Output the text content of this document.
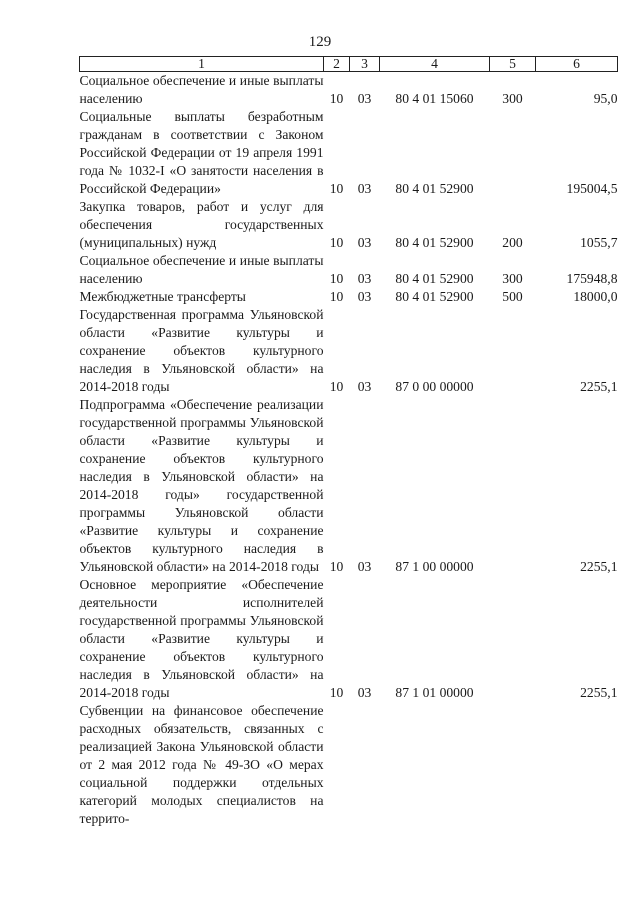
129
1	2	3	4	5	6
Социальное обеспечение и иные выплаты населению	10	03	80 4 01 15060	300	95,0
Социальные выплаты безработным гражданам в соответствии с Законом Российской Федерации от 19 апреля 1991 года № 1032-I «О занятости населения в Российской Федерации»	10	03	80 4 01 52900		195004,5
Закупка товаров, работ и услуг для обеспечения государственных (муниципальных) нужд	10	03	80 4 01 52900	200	1055,7
Социальное обеспечение и иные выплаты населению	10	03	80 4 01 52900	300	175948,8
Межбюджетные трансферты	10	03	80 4 01 52900	500	18000,0
Государственная программа Ульяновской области «Развитие культуры и сохранение объектов культурного наследия в Ульяновской области» на 2014-2018 годы	10	03	87 0 00 00000		2255,1
Подпрограмма «Обеспечение реализации государственной программы Ульяновской области «Развитие культуры и сохранение объектов культурного наследия в Ульяновской области» на 2014-2018 годы» государственной программы Ульяновской области «Развитие культуры и сохранение объектов культурного наследия в Ульяновской области» на 2014-2018 годы	10	03	87 1 00 00000		2255,1
Основное мероприятие «Обеспечение деятельности исполнителей государственной программы Ульяновской области «Развитие культуры и сохранение объектов культурного наследия в Ульяновской области» на 2014-2018 годы	10	03	87 1 01 00000		2255,1
Субвенции на финансовое обеспечение расходных обязательств, связанных с реализацией Закона Ульяновской области от 2 мая 2012 года № 49-ЗО «О мерах социальной поддержки отдельных категорий молодых специалистов на террито-					
